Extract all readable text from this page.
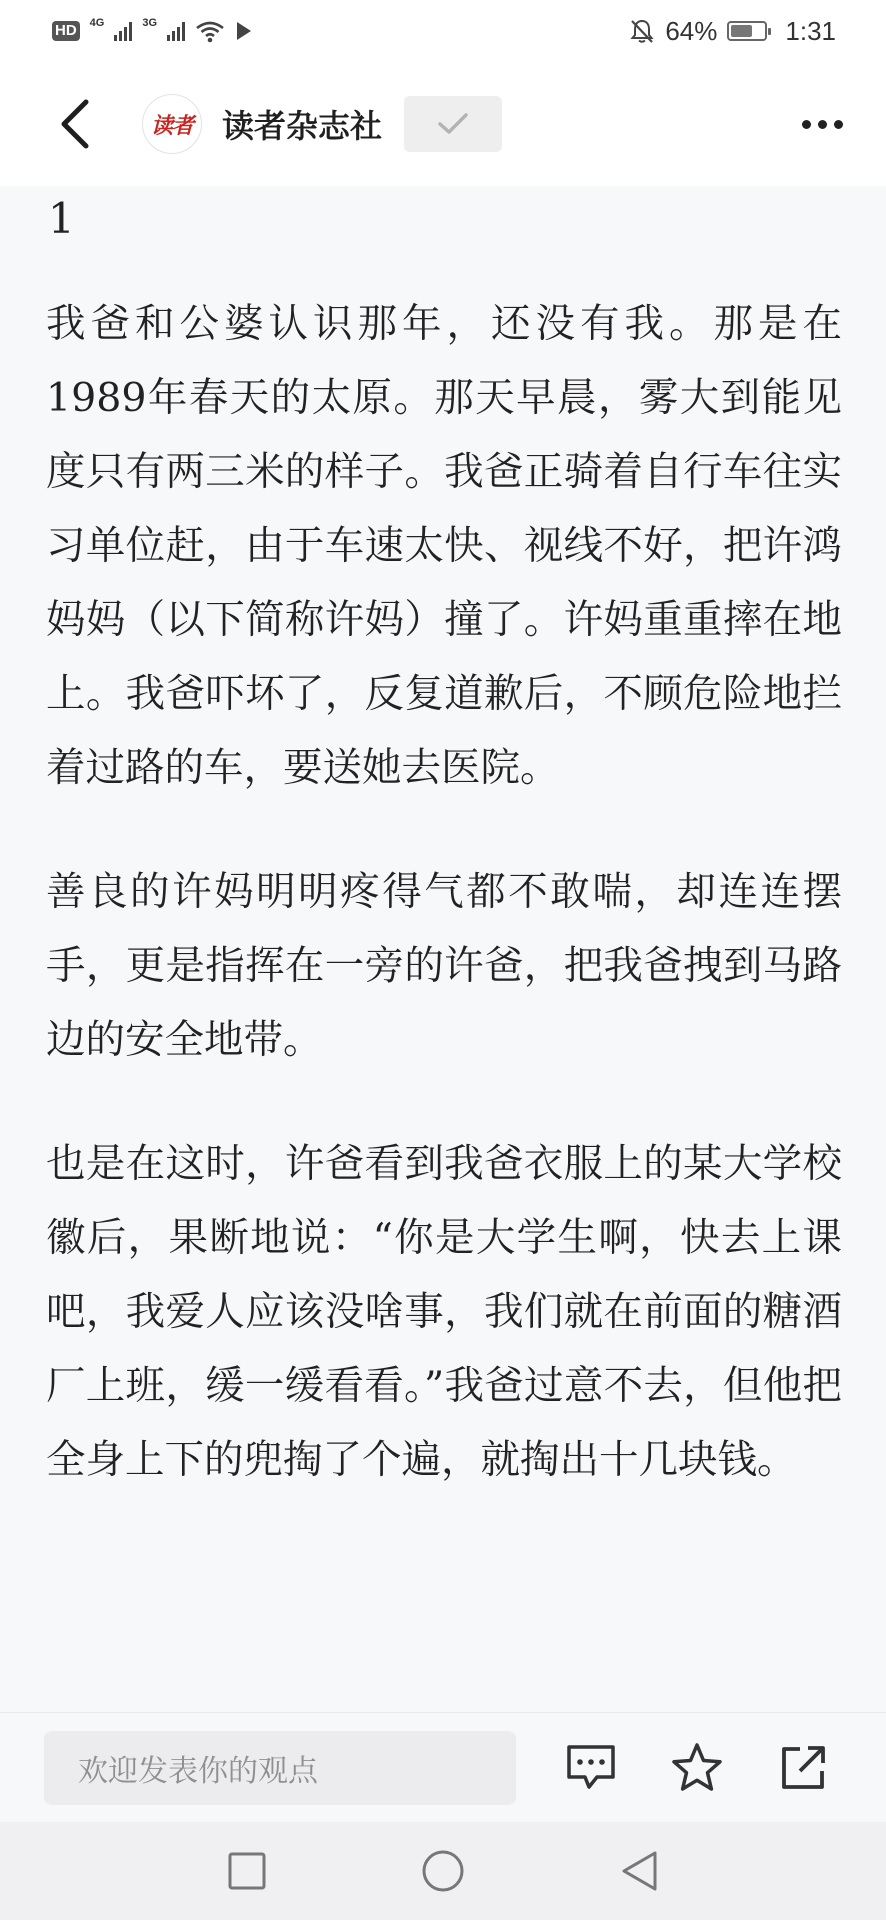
HD 4G	3G	64%	1:31
读者 读者杂志社
1

我爸和公婆认识那年，还没有我。那是在1989年春天的太原。那天早晨，雾大到能见度只有两三米的样子。我爸正骑着自行车往实习单位赶，由于车速太快、视线不好，把许鸿妈妈（以下简称许妈）撞了。许妈重重摔在地上。我爸吓坏了，反复道歉后，不顾危险地拦着过路的车，要送她去医院。

善良的许妈明明疼得气都不敢喘，却连连摆手，更是指挥在一旁的许爸，把我爸拽到马路边的安全地带。

也是在这时，许爸看到我爸衣服上的某大学校徽后，果断地说：“你是大学生啊，快去上课吧，我爱人应该没啥事，我们就在前面的糖酒厂上班，缓一缓看看。”我爸过意不去，但他把全身上下的兜掏了个遍，就掏出十几块钱。

欢迎发表你的观点
